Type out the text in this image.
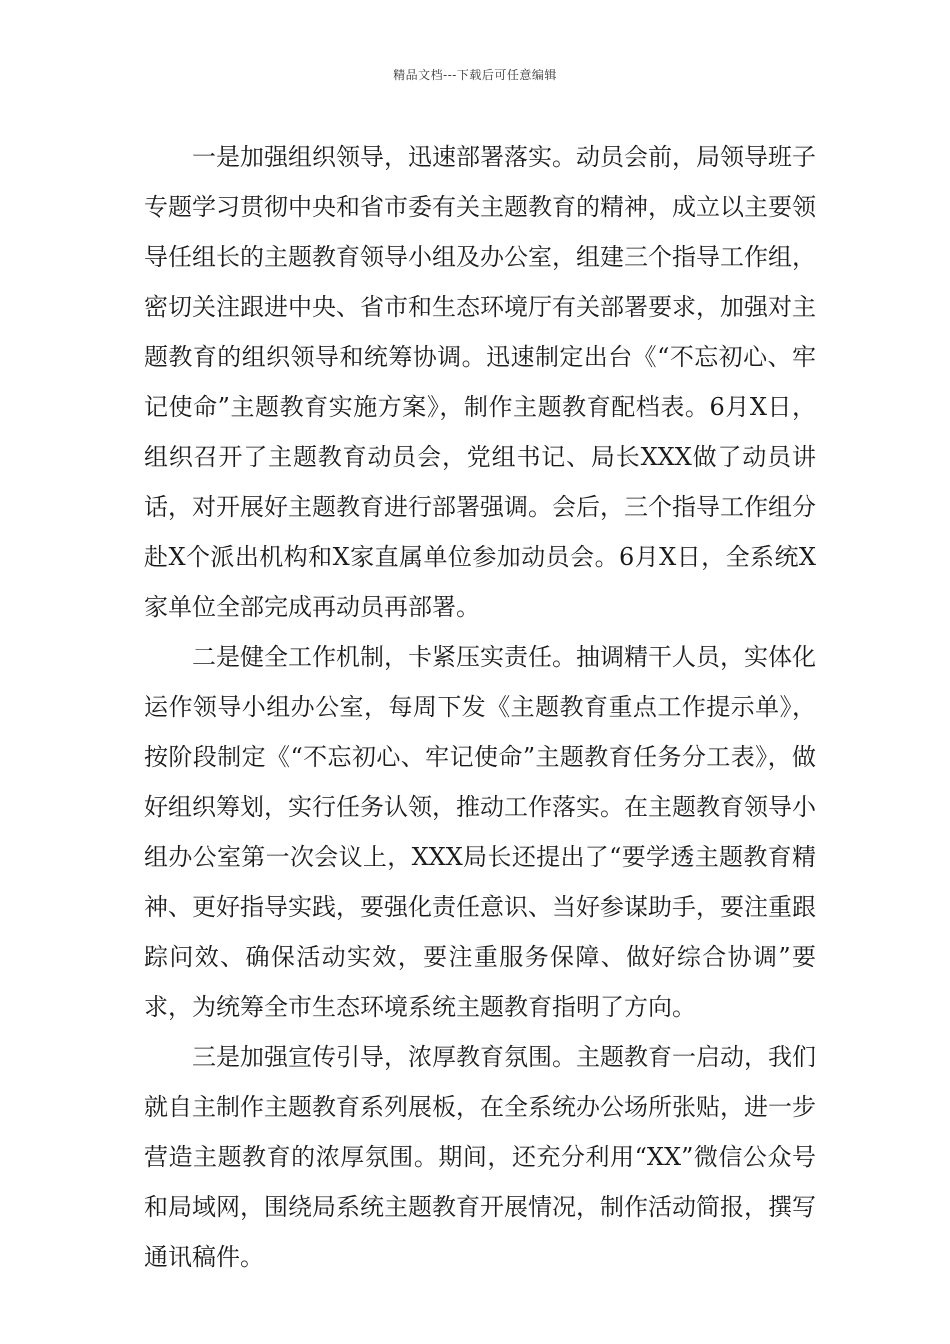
精品文档---下载后可任意编辑

一是加强组织领导，迅速部署落实。动员会前，局领导班子专题学习贯彻中央和省市委有关主题教育的精神，成立以主要领导任组长的主题教育领导小组及办公室，组建三个指导工作组，密切关注跟进中央、省市和生态环境厅有关部署要求，加强对主题教育的组织领导和统筹协调。迅速制定出台《“不忘初心、牢记使命”主题教育实施方案》，制作主题教育配档表。6月X日，组织召开了主题教育动员会，党组书记、局长XXX做了动员讲话，对开展好主题教育进行部署强调。会后，三个指导工作组分赴X个派出机构和X家直属单位参加动员会。6月X日，全系统X家单位全部完成再动员再部署。

二是健全工作机制，卡紧压实责任。抽调精干人员，实体化运作领导小组办公室，每周下发《主题教育重点工作提示单》，按阶段制定《“不忘初心、牢记使命”主题教育任务分工表》，做好组织筹划，实行任务认领，推动工作落实。在主题教育领导小组办公室第一次会议上，XXX局长还提出了“要学透主题教育精神、更好指导实践，要强化责任意识、当好参谋助手，要注重跟踪问效、确保活动实效，要注重服务保障、做好综合协调”要求，为统筹全市生态环境系统主题教育指明了方向。

三是加强宣传引导，浓厚教育氛围。主题教育一启动，我们就自主制作主题教育系列展板，在全系统办公场所张贴，进一步营造主题教育的浓厚氛围。期间，还充分利用“XX”微信公众号和局域网，围绕局系统主题教育开展情况，制作活动简报，撰写通讯稿件。
